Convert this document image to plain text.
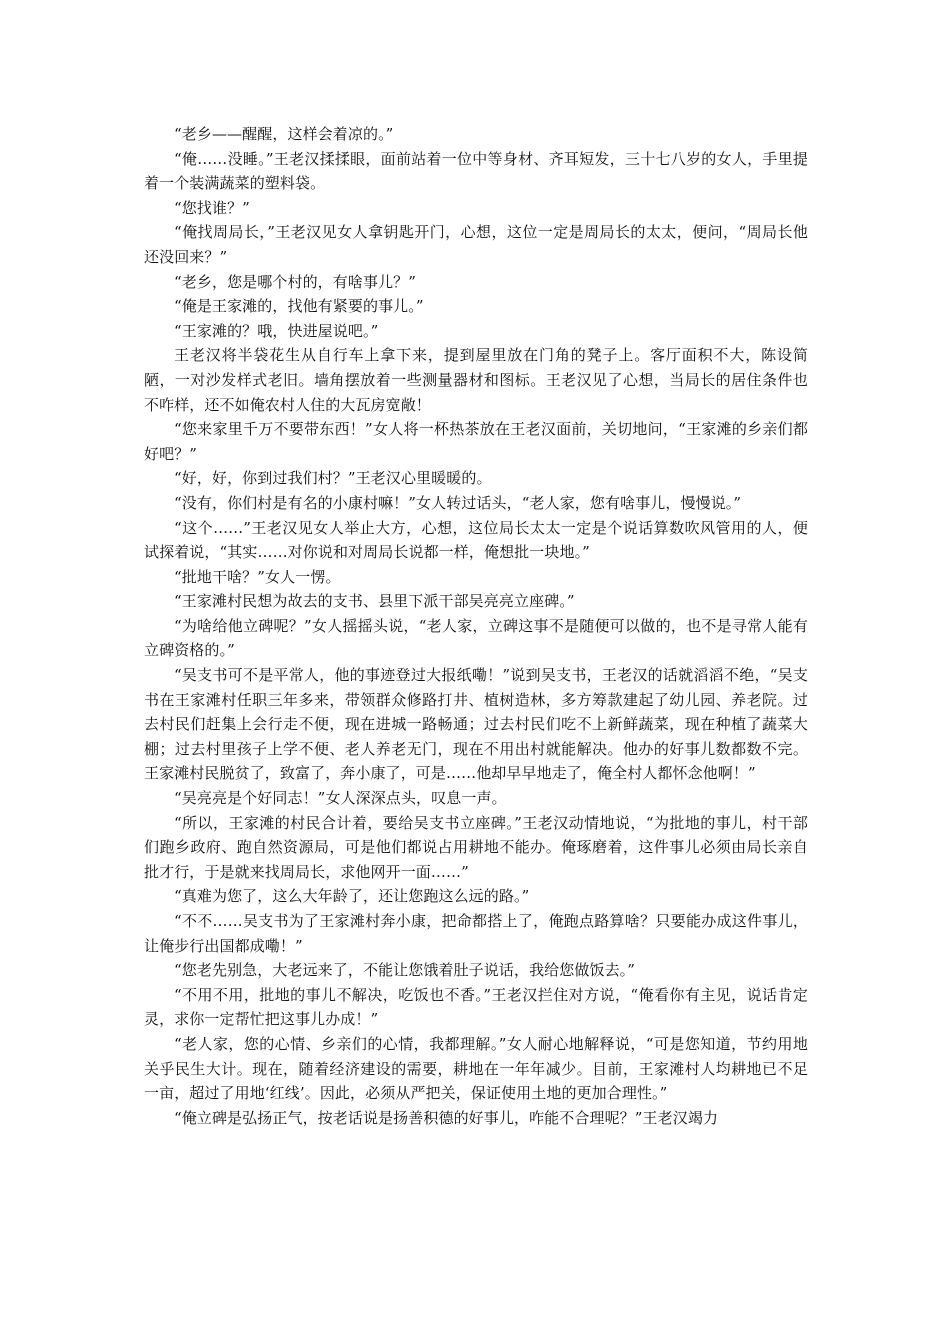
“老乡——醒醒，这样会着凉的。”

“俺……没睡。”王老汉揉揉眼，面前站着一位中等身材、齐耳短发，三十七八岁的女人，手里提着一个装满蔬菜的塑料袋。

“您找谁？”

“俺找周局长，”王老汉见女人拿钥匙开门，心想，这位一定是周局长的太太，便问，“周局长他还没回来？”

“老乡，您是哪个村的，有啥事儿？”

“俺是王家滩的，找他有紧要的事儿。”

“王家滩的？哦，快进屋说吧。”

王老汉将半袋花生从自行车上拿下来，提到屋里放在门角的凳子上。客厅面积不大，陈设简陋，一对沙发样式老旧。墙角摆放着一些测量器材和图标。王老汉见了心想，当局长的居住条件也不咋样，还不如俺农村人住的大瓦房宽敞！

“您来家里千万不要带东西！”女人将一杯热茶放在王老汉面前，关切地问，“王家滩的乡亲们都好吧？”

“好，好，你到过我们村？”王老汉心里暖暖的。

“没有，你们村是有名的小康村嘛！”女人转过话头，“老人家，您有啥事儿，慢慢说。”

“这个……”王老汉见女人举止大方，心想，这位局长太太一定是个说话算数吹风管用的人，便试探着说，“其实……对你说和对周局长说都一样，俺想批一块地。”

“批地干啥？”女人一愣。

“王家滩村民想为故去的支书、县里下派干部吴亮亮立座碑。”

“为啥给他立碑呢？”女人摇摇头说，“老人家，立碑这事不是随便可以做的，也不是寻常人能有立碑资格的。”

“吴支书可不是平常人，他的事迹登过大报纸嘞！”说到吴支书，王老汉的话就滔滔不绝，“吴支书在王家滩村任职三年多来，带领群众修路打井、植树造林，多方筹款建起了幼儿园、养老院。过去村民们赶集上会行走不便，现在进城一路畅通；过去村民们吃不上新鲜蔬菜，现在种植了蔬菜大棚；过去村里孩子上学不便、老人养老无门，现在不用出村就能解决。他办的好事儿数都数不完。王家滩村民脱贫了，致富了，奔小康了，可是……他却早早地走了，俺全村人都怀念他啊！”

“吴亮亮是个好同志！”女人深深点头，叹息一声。

“所以，王家滩的村民合计着，要给吴支书立座碑。”王老汉动情地说，“为批地的事儿，村干部们跑乡政府、跑自然资源局，可是他们都说占用耕地不能办。俺琢磨着，这件事儿必须由局长亲自批才行，于是就来找周局长，求他网开一面……”

“真难为您了，这么大年龄了，还让您跑这么远的路。”

“不不……吴支书为了王家滩村奔小康，把命都搭上了，俺跑点路算啥？只要能办成这件事儿，让俺步行出国都成嘞！”

“您老先别急，大老远来了，不能让您饿着肚子说话，我给您做饭去。”

“不用不用，批地的事儿不解决，吃饭也不香。”王老汉拦住对方说，“俺看你有主见，说话肯定灵，求你一定帮忙把这事儿办成！”

“老人家，您的心情、乡亲们的心情，我都理解。”女人耐心地解释说，“可是您知道，节约用地关乎民生大计。现在，随着经济建设的需要，耕地在一年年减少。目前，王家滩村人均耕地已不足一亩，超过了用地‘红线’。因此，必须从严把关，保证使用土地的更加合理性。”

“俺立碑是弘扬正气，按老话说是扬善积德的好事儿，咋能不合理呢？”王老汉竭力
